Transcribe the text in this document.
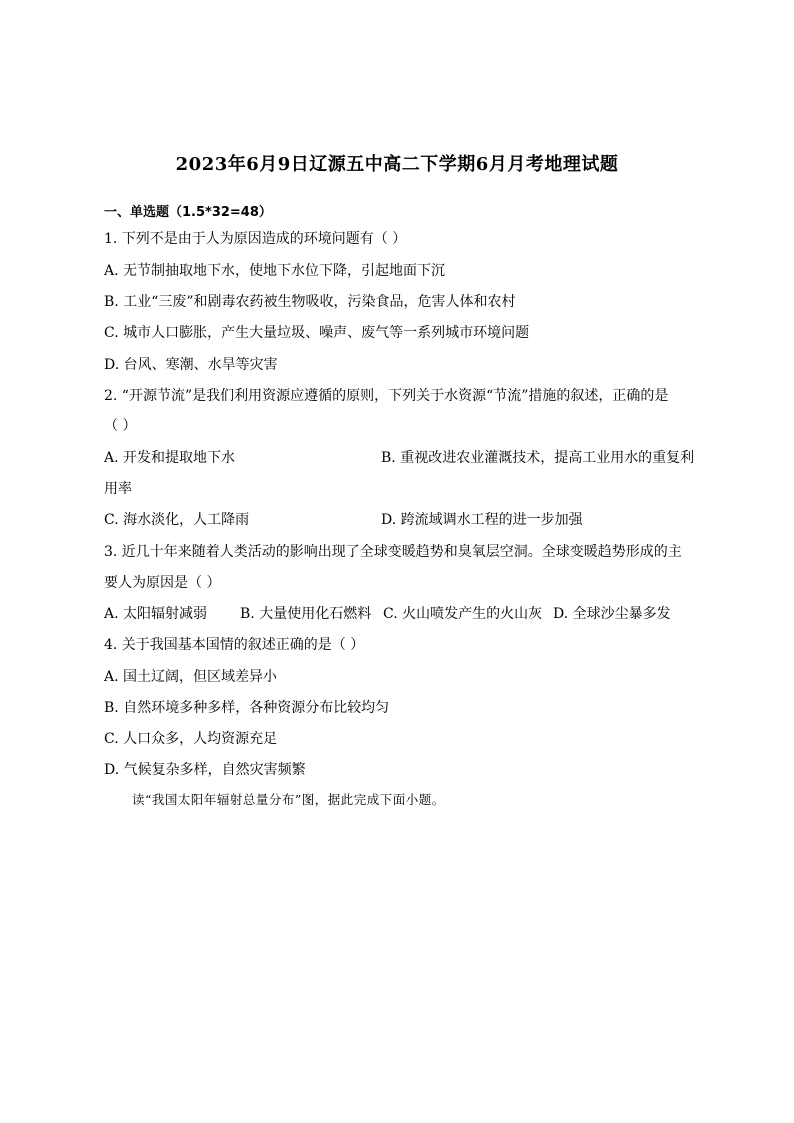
2023年6月9日辽源五中高二下学期6月月考地理试题
一、单选题（1.5*32=48）
1. 下列不是由于人为原因造成的环境问题有（ ）
A. 无节制抽取地下水，使地下水位下降，引起地面下沉
B. 工业“三废”和剧毒农药被生物吸收，污染食品，危害人体和农村
C. 城市人口膨胀，产生大量垃圾、噪声、废气等一系列城市环境问题
D. 台风、寒潮、水旱等灾害
2. “开源节流”是我们利用资源应遵循的原则，下列关于水资源“节流”措施的叙述，正确的是
（ ）
A. 开发和提取地下水	B. 重视改进农业灌溉技术，提高工业用水的重复利
用率
C. 海水淡化，人工降雨	D. 跨流域调水工程的进一步加强
3. 近几十年来随着人类活动的影响出现了全球变暖趋势和臭氧层空洞。全球变暖趋势形成的主
要人为原因是（ ）
A. 太阳辐射减弱 B. 大量使用化石燃料 C. 火山喷发产生的火山灰 D. 全球沙尘暴多发
4. 关于我国基本国情的叙述正确的是（ ）
A. 国土辽阔，但区域差异小
B. 自然环境多种多样，各种资源分布比较均匀
C. 人口众多，人均资源充足
D. 气候复杂多样，自然灾害频繁
读“我国太阳年辐射总量分布”图，据此完成下面小题。
